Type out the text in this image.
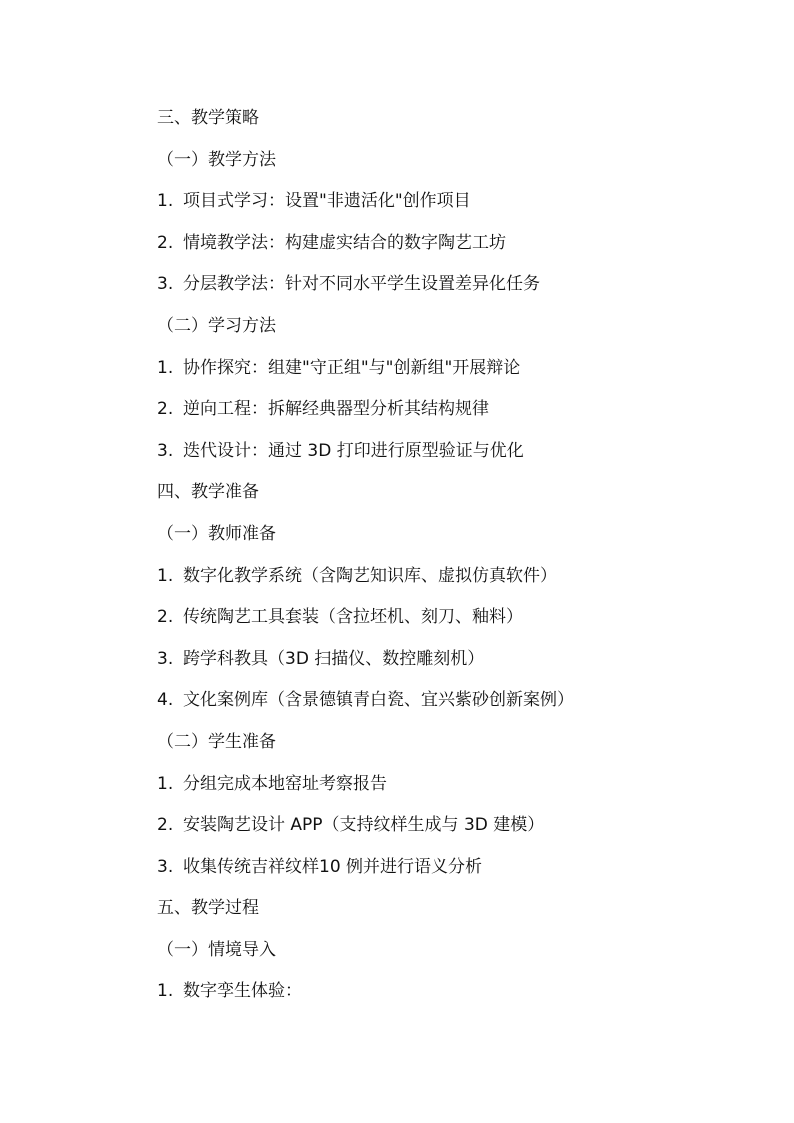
三、教学策略
（一）教学方法
1. 项目式学习：设置"非遗活化"创作项目
2. 情境教学法：构建虚实结合的数字陶艺工坊
3. 分层教学法：针对不同水平学生设置差异化任务
（二）学习方法
1. 协作探究：组建"守正组"与"创新组"开展辩论
2. 逆向工程：拆解经典器型分析其结构规律
3. 迭代设计：通过 3D 打印进行原型验证与优化
四、教学准备
（一）教师准备
1. 数字化教学系统（含陶艺知识库、虚拟仿真软件）
2. 传统陶艺工具套装（含拉坯机、刻刀、釉料）
3. 跨学科教具（3D 扫描仪、数控雕刻机）
4. 文化案例库（含景德镇青白瓷、宜兴紫砂创新案例）
（二）学生准备
1. 分组完成本地窑址考察报告
2. 安装陶艺设计 APP（支持纹样生成与 3D 建模）
3. 收集传统吉祥纹样10 例并进行语义分析
五、教学过程
（一）情境导入
1. 数字孪生体验：
